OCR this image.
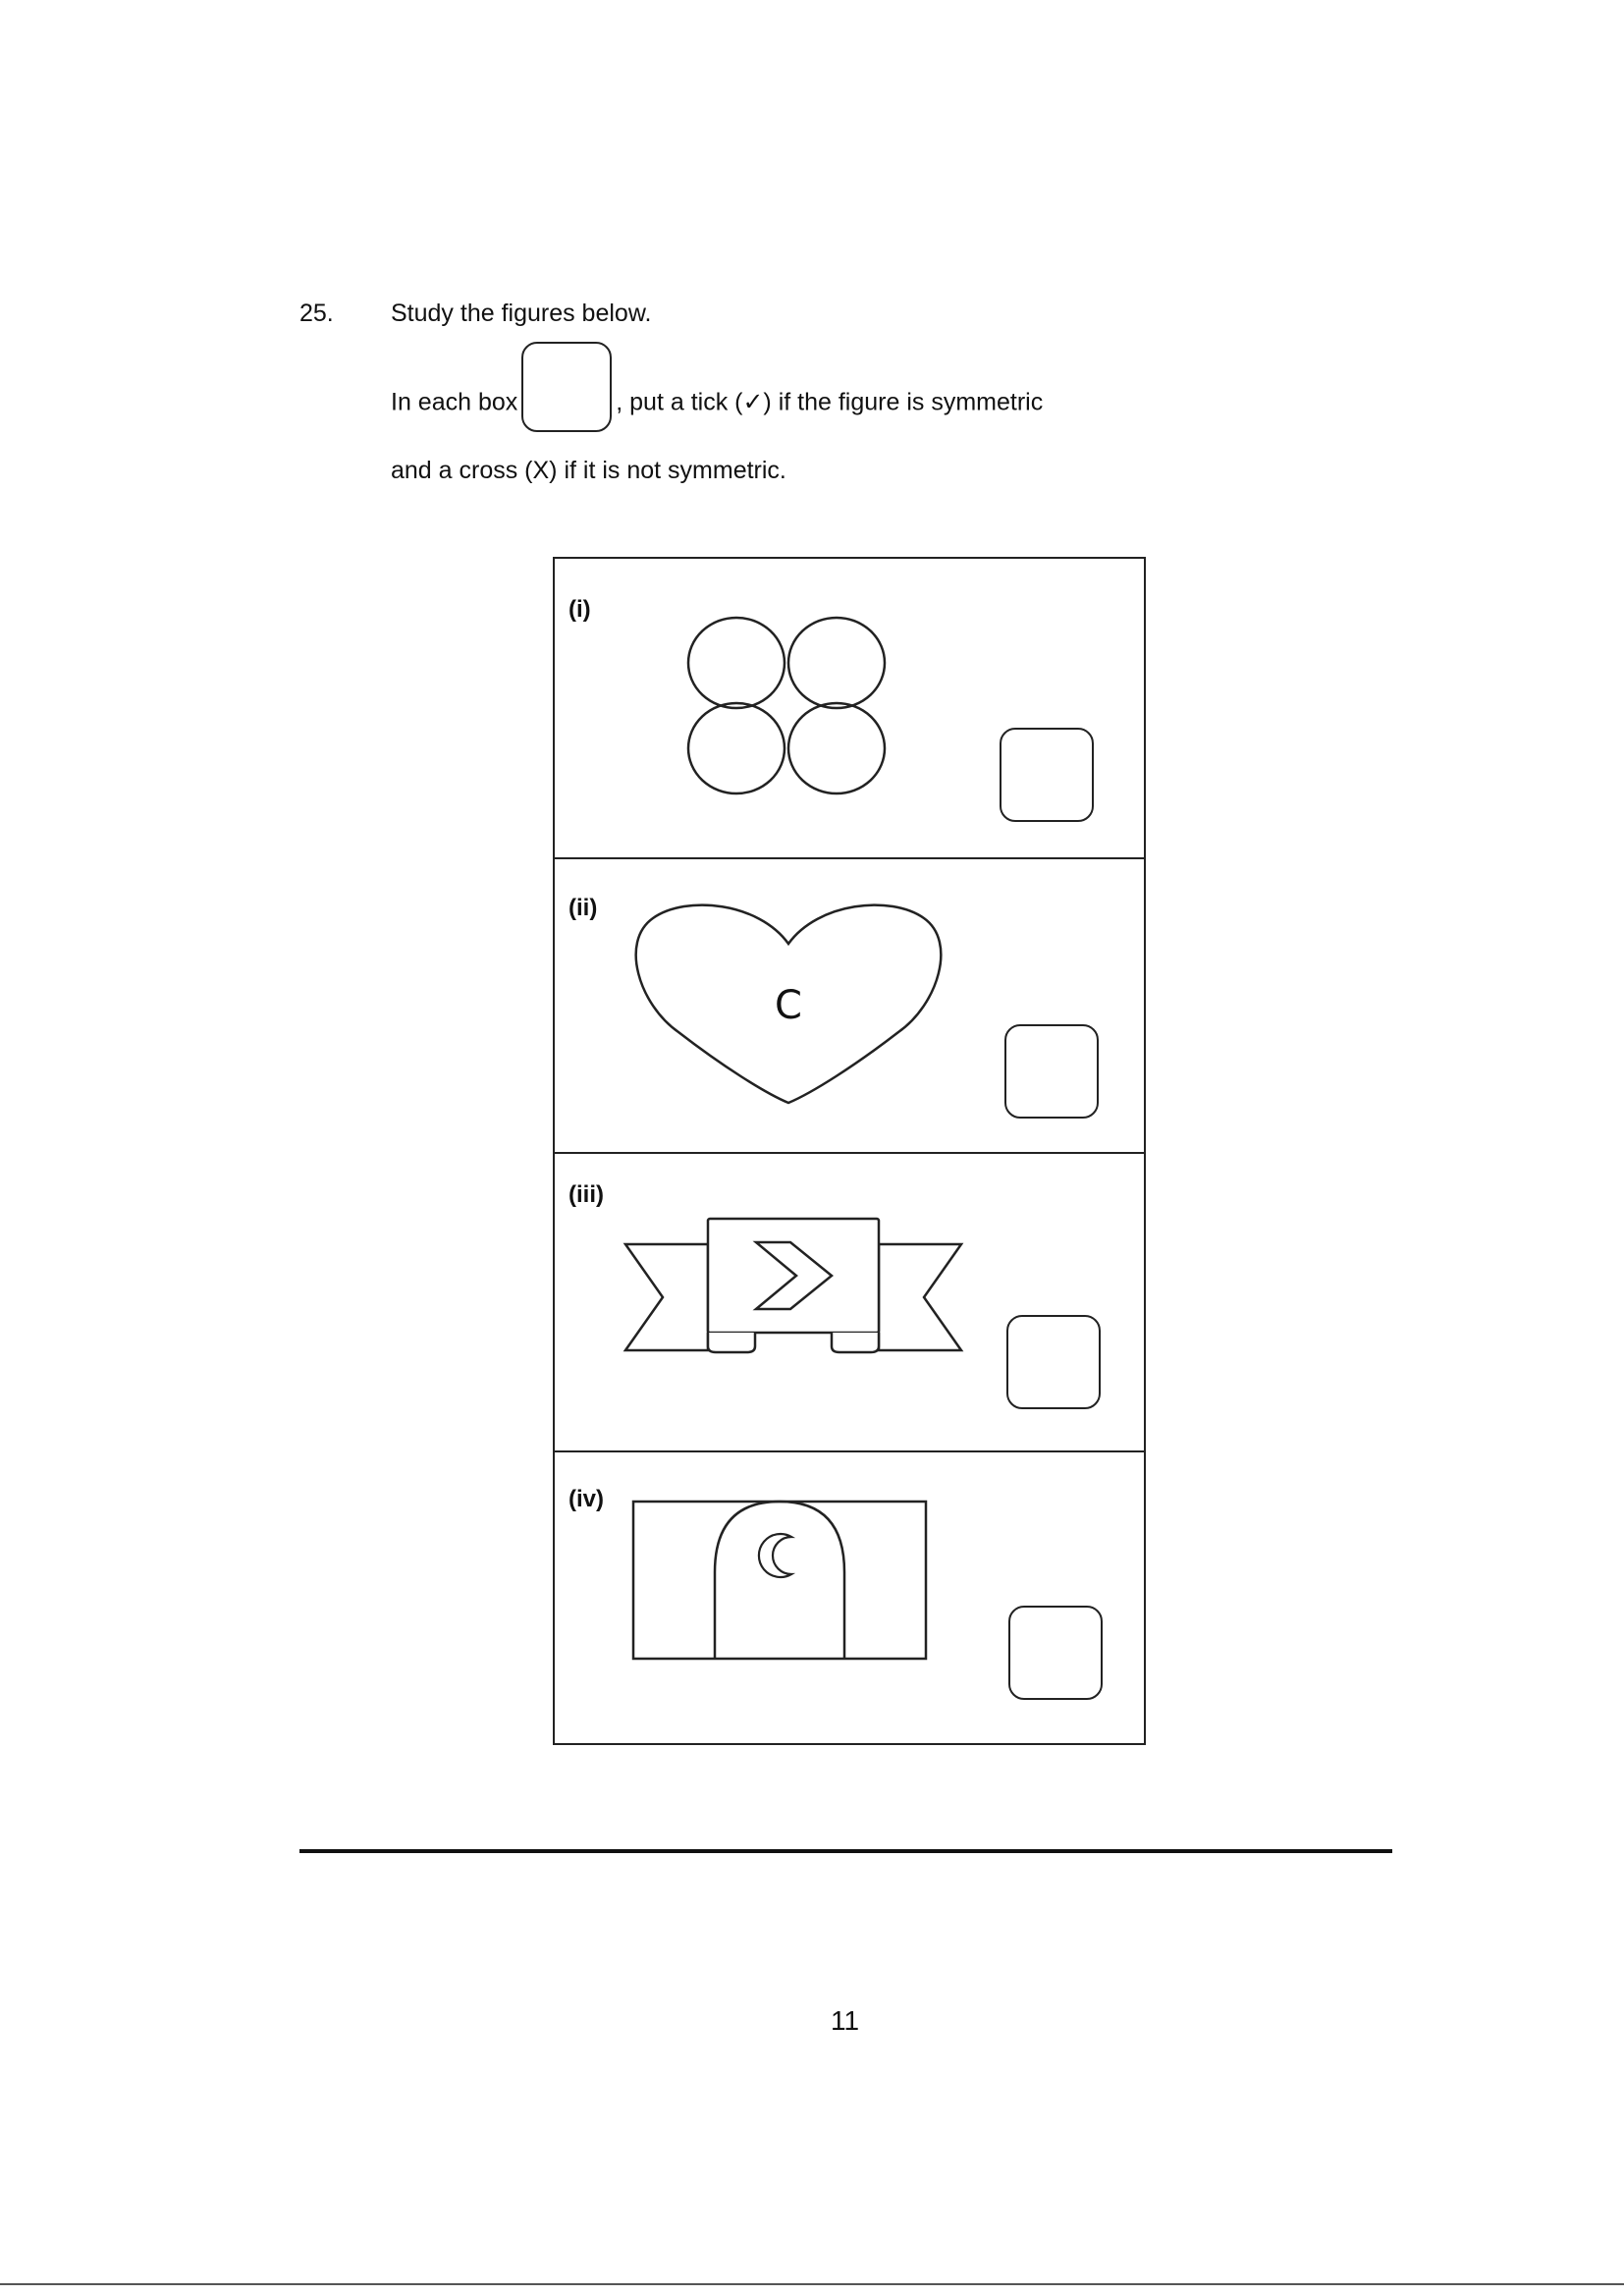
25. Study the figures below.
In each box	, put a tick (✓) if the figure is symmetric
and a cross (X) if it is not symmetric.
(i)
(ii)
C
(iii)
(iv)
11
